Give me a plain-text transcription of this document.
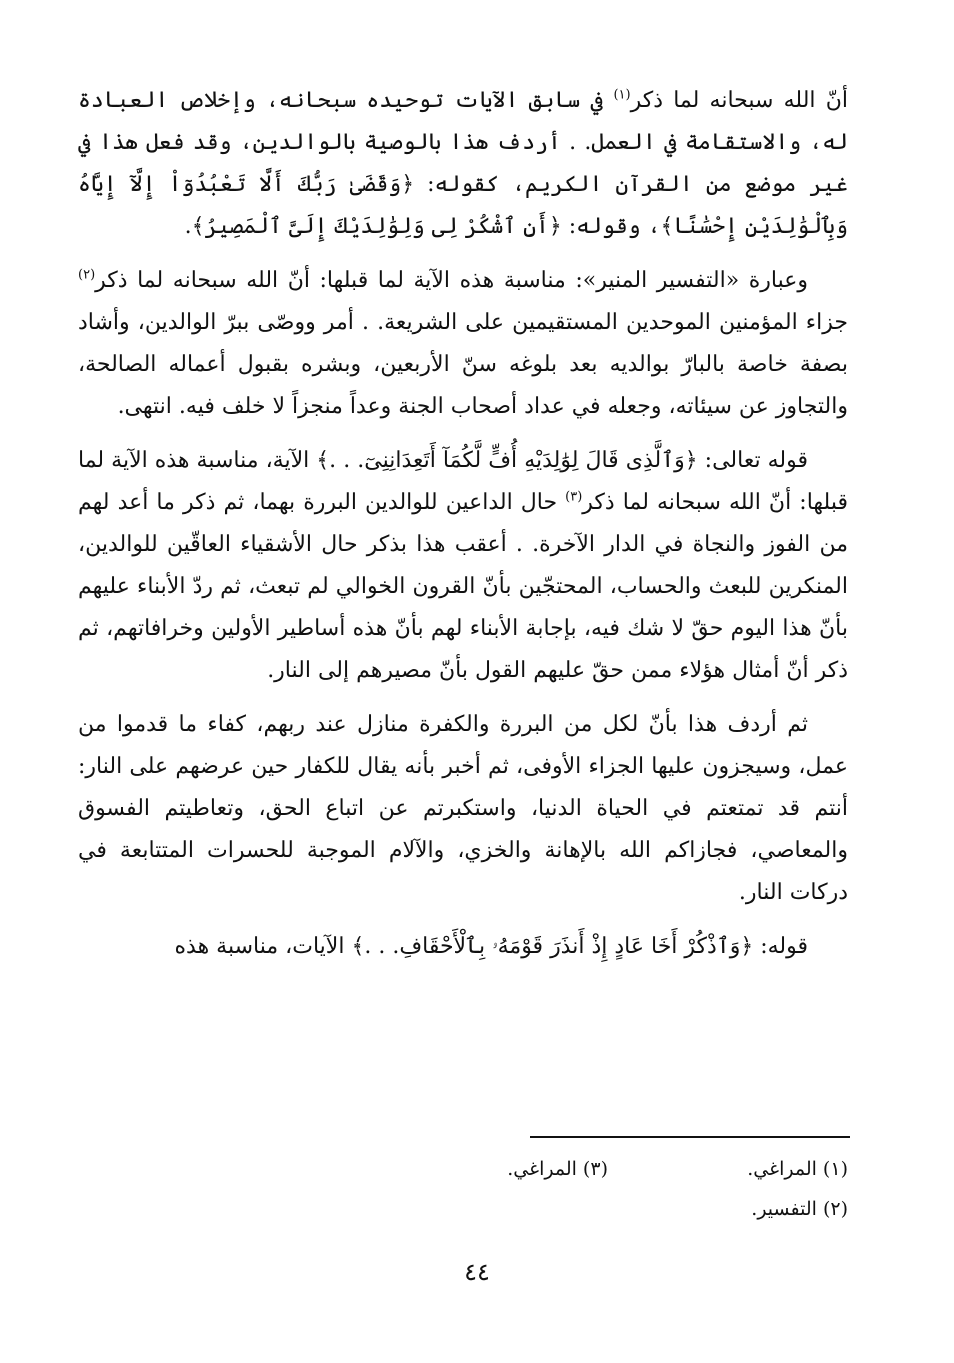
أنّ الله سبحانه لما ذكر$^{(١)}$ في سابق الآيات توحيده سبحانه، وإخلاص العبادة له، والاستقامة في العمل. . أردف هذا بالوصية بالوالدين، وقد فعل هذا في غير موضع من القرآن الكريم، كقوله: ﴿وَقَضَىٰ رَبُّكَ أَلَّا تَعْبُدُوٓاْ إِلَّآ إِيَّاهُ وَبِٱلْوَٰلِدَيْنِ إِحْسَٰنًا﴾، وقوله: ﴿أَنِ ٱشْكُرْ لِى وَلِوَٰلِدَيْكَ إِلَىَّ ٱلْمَصِيرُ﴾.

وعبارة «التفسير المنير»: مناسبة هذه الآية لما قبلها: أنّ الله سبحانه لما ذكر$^{(٢)}$ جزاء المؤمنين الموحدين المستقيمين على الشريعة. . أمر ووصّى ببرّ الوالدين، وأشاد بصفة خاصة بالبارّ بوالديه بعد بلوغه سنّ الأربعين، وبشره بقبول أعماله الصالحة، والتجاوز عن سيئاته، وجعله في عداد أصحاب الجنة وعداً منجزاً لا خلف فيه. انتهى.

قوله تعالى: ﴿وَٱلَّذِى قَالَ لِوَٰلِدَيْهِ أُفٍّ لَّكُمَآ أَتَعِدَانِنِىٓ. . .﴾ الآية، مناسبة هذه الآية لما قبلها: أنّ الله سبحانه لما ذكر$^{(٣)}$ حال الداعين للوالدين البررة بهما، ثم ذكر ما أعد لهم من الفوز والنجاة في الدار الآخرة. . أعقب هذا بذكر حال الأشقياء العاقّين للوالدين، المنكرين للبعث والحساب، المحتجّين بأنّ القرون الخوالي لم تبعث، ثم ردّ الأبناء عليهم بأنّ هذا اليوم حقّ لا شك فيه، بإجابة الأبناء لهم بأنّ هذه أساطير الأولين وخرافاتهم، ثم ذكر أنّ أمثال هؤلاء ممن حقّ عليهم القول بأنّ مصيرهم إلى النار.

ثم أردف هذا بأنّ لكل من البررة والكفرة منازل عند ربهم، كفاء ما قدموا من عمل، وسيجزون عليها الجزاء الأوفى، ثم أخبر بأنه يقال للكفار حين عرضهم على النار: أنتم قد تمتعتم في الحياة الدنيا، واستكبرتم عن اتباع الحق، وتعاطيتم الفسوق والمعاصي، فجازاكم الله بالإهانة والخزي، والآلام الموجبة للحسرات المتتابعة في دركات النار.

قوله: ﴿وَٱذْكُرْ أَخَا عَادٍ إِذْ أَنذَرَ قَوْمَهُۥ بِٱلْأَحْقَافِ. . .﴾ الآيات، مناسبة هذه

(١) المراغي.
(٣) المراغي.
(٢) التفسير.
٤٤
